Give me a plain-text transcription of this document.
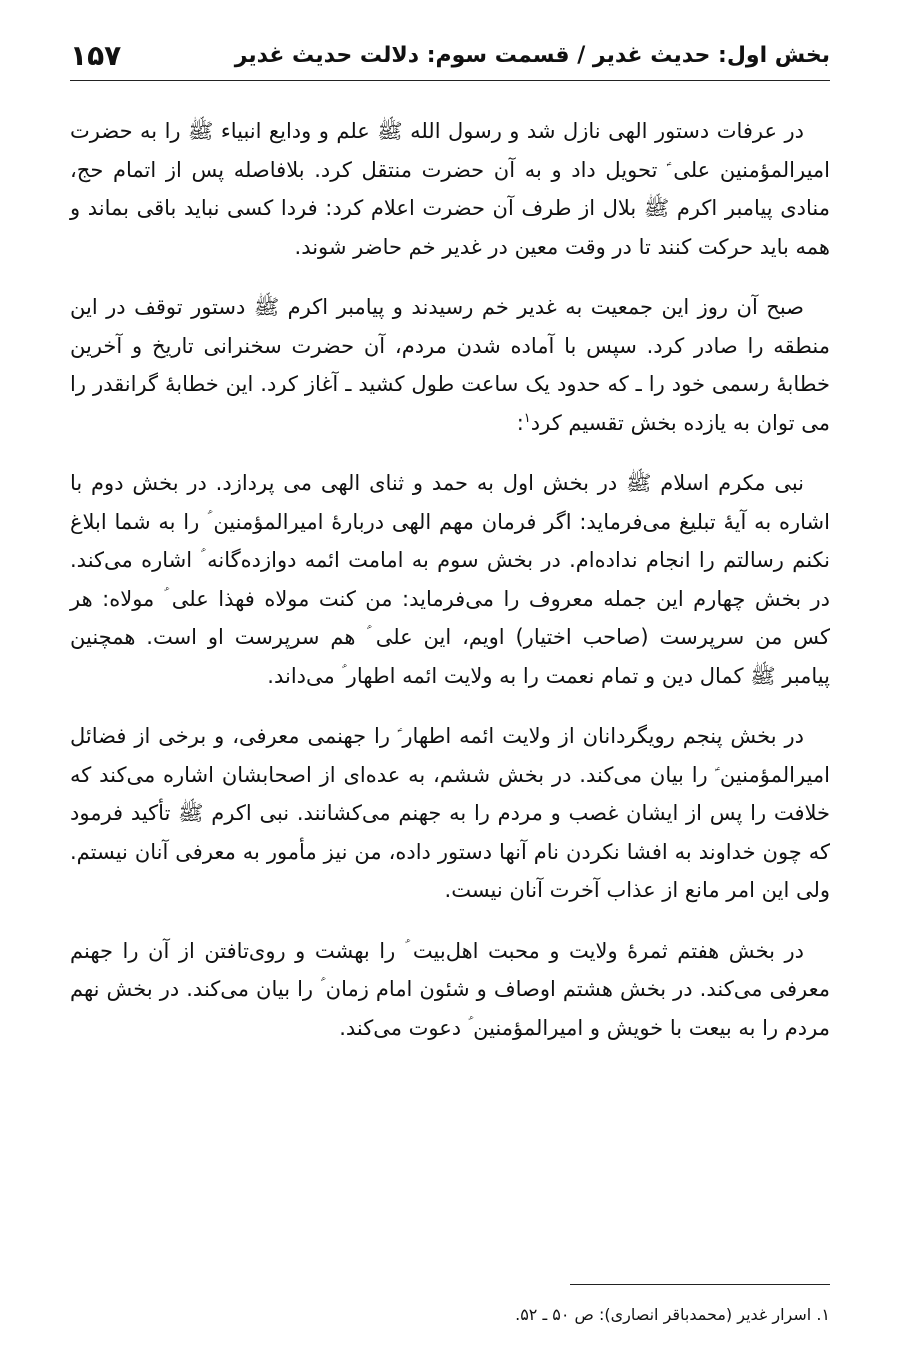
بخش اول: حدیث غدیر / قسمت سوم: دلالت حدیث غدیر
۱۵۷

در عرفات دستور الهی نازل شد و رسول الله ﷺ علم و ودایع انبیاء ﷺ را به حضرت امیرالمؤمنین علی ؑ تحویل داد و به آن حضرت منتقل کرد. بلافاصله پس از اتمام حج، منادی پیامبر اکرم ﷺ بلال از طرف آن حضرت اعلام کرد: فردا کسی نباید باقی بماند و همه باید حرکت کنند تا در وقت معین در غدیر خم حاضر شوند.

صبح آن روز این جمعیت به غدیر خم رسیدند و پیامبر اکرم ﷺ دستور توقف در این منطقه را صادر کرد. سپس با آماده شدن مردم، آن حضرت سخنرانی تاریخ و آخرین خطابهٔ رسمی خود را ـ که حدود یک ساعت طول کشید ـ آغاز کرد. این خطابهٔ گرانقدر را می توان به یازده بخش تقسیم کرد$^۱$:

نبی مکرم اسلام ﷺ در بخش اول به حمد و ثنای الهی می پردازد. در بخش دوم با اشاره به آیهٔ تبلیغ می‌فرماید: اگر فرمان مهم الهی دربارهٔ امیرالمؤمنین ؑ را به شما ابلاغ نکنم رسالتم را انجام نداده‌ام. در بخش سوم به امامت ائمه دوازده‌گانه ؑ اشاره می‌کند. در بخش چهارم این جمله معروف را می‌فرماید: من کنت مولاه فهذا علی ؑ مولاه: هر کس من سرپرست (صاحب اختیار) اویم، این علی ؑ هم سرپرست او است. همچنین پیامبر ﷺ کمال دین و تمام نعمت را به ولایت ائمه اطهار ؑ می‌داند.

در بخش پنجم رویگردانان از ولایت ائمه اطهار ؑ را جهنمی معرفی، و برخی از فضائل امیرالمؤمنین ؑ را بیان می‌کند. در بخش ششم، به عده‌ای از اصحابشان اشاره می‌کند که خلافت را پس از ایشان غصب و مردم را به جهنم می‌کشانند. نبی اکرم ﷺ تأکید فرمود که چون خداوند به افشا نکردن نام آنها دستور داده، من نیز مأمور به معرفی آنان نیستم. ولی این امر مانع از عذاب آخرت آنان نیست.

در بخش هفتم ثمرهٔ ولایت و محبت اهل‌بیت ؑ را بهشت و روی‌تافتن از آن را جهنم معرفی می‌کند. در بخش هشتم اوصاف و شئون امام زمان ؑ را بیان می‌کند. در بخش نهم مردم را به بیعت با خویش و امیرالمؤمنین ؑ دعوت می‌کند.

۱. اسرار غدیر (محمدباقر انصاری): ص ۵۰ ـ ۵۲.
